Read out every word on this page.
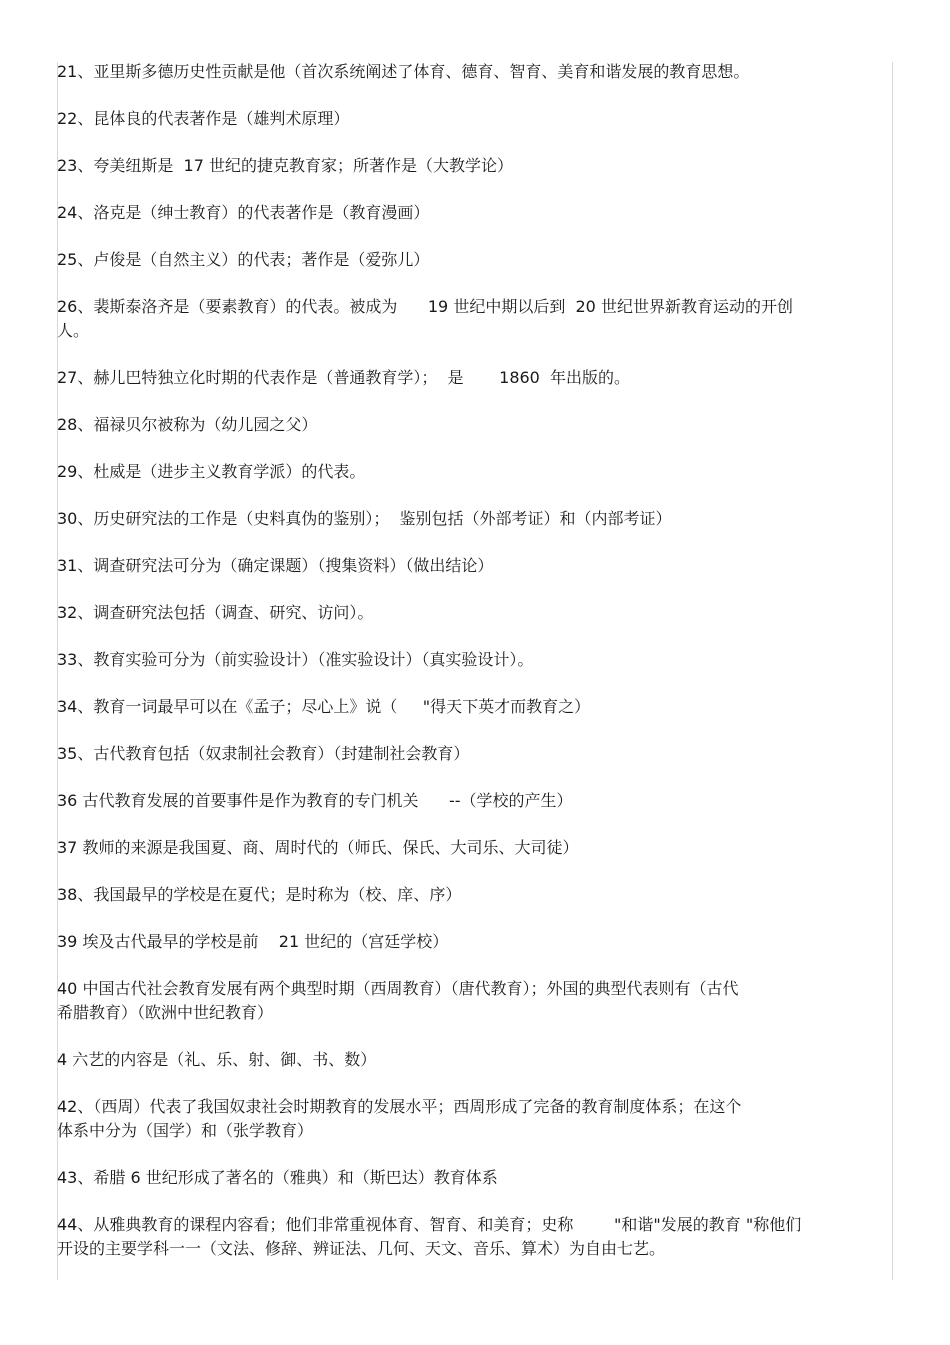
21、亚里斯多德历史性贡献是他（首次系统阐述了体育、德育、智育、美育和谐发展的教育思想。

22、昆体良的代表著作是（雄判术原理）

23、夸美纽斯是  17 世纪的捷克教育家；所著作是（大教学论）

24、洛克是（绅士教育）的代表著作是（教育漫画）

25、卢俊是（自然主义）的代表；著作是（爱弥儿）

26、裴斯泰洛齐是（要素教育）的代表。被成为      19 世纪中期以后到  20 世纪世界新教育运动的开创

人。

27、赫儿巴特独立化时期的代表作是（普通教育学）；  是       1860  年出版的。

28、福禄贝尔被称为（幼儿园之父）

29、杜威是（进步主义教育学派）的代表。

30、历史研究法的工作是（史料真伪的鉴别）；  鉴别包括（外部考证）和（内部考证）

31、调查研究法可分为（确定课题）（搜集资料）（做出结论）

32、调查研究法包括（调查、研究、访问）。

33、教育实验可分为（前实验设计）（准实验设计）（真实验设计）。

34、教育一词最早可以在《孟子；尽心上》说（     "得天下英才而教育之）

35、古代教育包括（奴隶制社会教育）（封建制社会教育）

36 古代教育发展的首要事件是作为教育的专门机关      --（学校的产生）

37 教师的来源是我国夏、商、周时代的（师氏、保氏、大司乐、大司徒）

38、我国最早的学校是在夏代；是时称为（校、庠、序）

39 埃及古代最早的学校是前    21 世纪的（宫廷学校）

40 中国古代社会教育发展有两个典型时期（西周教育）（唐代教育）；外国的典型代表则有（古代

希腊教育）（欧洲中世纪教育）

4 六艺的内容是（礼、乐、射、御、书、数）

42、（西周）代表了我国奴隶社会时期教育的发展水平；西周形成了完备的教育制度体系；在这个

体系中分为（国学）和（张学教育）

43、希腊 6 世纪形成了著名的（雅典）和（斯巴达）教育体系

44、从雅典教育的课程内容看；他们非常重视体育、智育、和美育；史称        "和谐"发展的教育 "称他们

开设的主要学科一一（文法、修辞、辨证法、几何、天文、音乐、算术）为自由七艺。
